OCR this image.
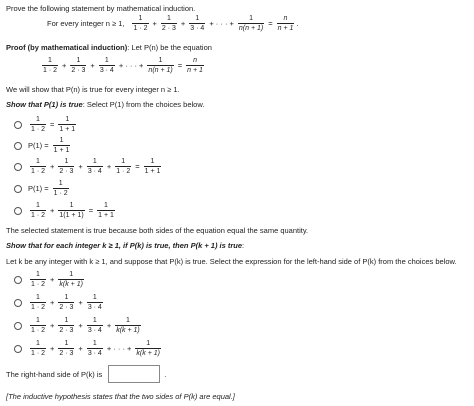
Prove the following statement by mathematical induction.
For every integer n ≥ 1, $\frac{1}{1 \cdot 2} + \frac{1}{2 \cdot 3} + \frac{1}{3 \cdot 4}$ + · · · + $\frac{1}{n(n + 1)} = \frac{n}{n + 1}$ .
Proof (by mathematical induction): Let P(n) be the equation
$\frac{1}{1 \cdot 2} + \frac{1}{2 \cdot 3} + \frac{1}{3 \cdot 4}$ + · · · + $\frac{1}{n(n + 1)} = \frac{n}{n + 1}$
We will show that P(n) is true for every integer n ≥ 1.
Show that P(1) is true: Select P(1) from the choices below.
$\frac{1}{1 \cdot 2} = \frac{1}{1 + 1}$
$P(1) = \frac{1}{1 + 1}$
$\frac{1}{1 \cdot 2} + \frac{1}{2 \cdot 3} + \frac{1}{3 \cdot 4} + \frac{1}{1 \cdot 2} = \frac{1}{1 + 1}$
$P(1) = \frac{1}{1 \cdot 2}$
$\frac{1}{1 \cdot 2} + \frac{1}{1(1 + 1)} = \frac{1}{1 + 1}$
The selected statement is true because both sides of the equation equal the same quantity.
Show that for each integer k ≥ 1, if P(k) is true, then P(k + 1) is true:
Let k be any integer with k ≥ 1, and suppose that P(k) is true. Select the expression for the left-hand side of P(k) from the choices below.
$\frac{1}{1 \cdot 2} + \frac{1}{k(k + 1)}$
$\frac{1}{1 \cdot 2} + \frac{1}{2 \cdot 3} + \frac{1}{3 \cdot 4}$
$\frac{1}{1 \cdot 2} + \frac{1}{2 \cdot 3} + \frac{1}{3 \cdot 4} + \frac{1}{k(k + 1)}$
$\frac{1}{1 \cdot 2} + \frac{1}{2 \cdot 3} + \frac{1}{3 \cdot 4}$ + · · · + $\frac{1}{k(k + 1)}$
The right-hand side of P(k) is	.
[The inductive hypothesis states that the two sides of P(k) are equal.]
